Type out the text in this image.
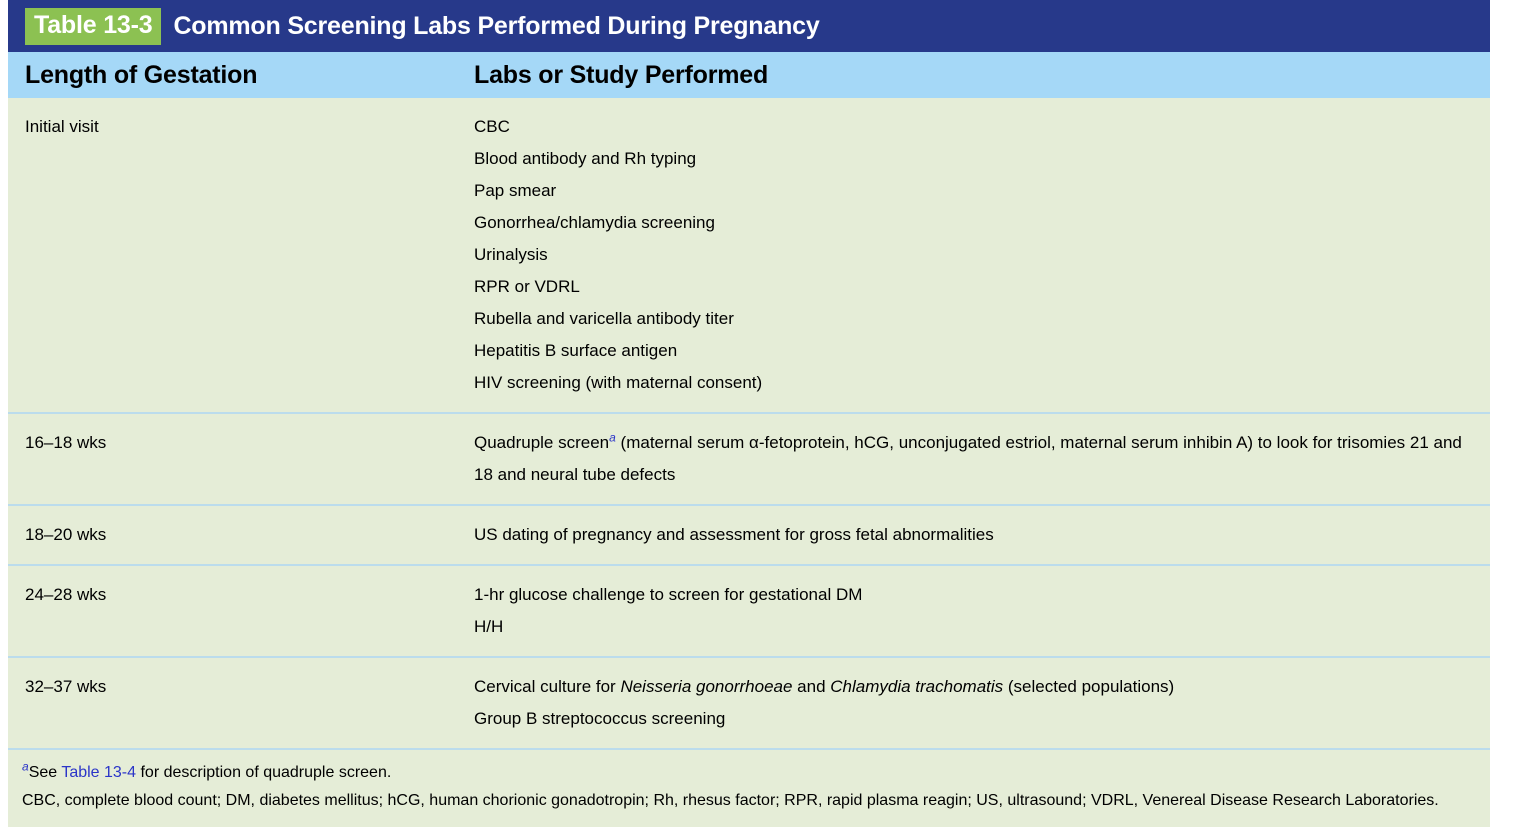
Table 13-3 Common Screening Labs Performed During Pregnancy
Length of Gestation	Labs or Study Performed
Initial visit	CBC
Blood antibody and Rh typing
Pap smear
Gonorrhea/chlamydia screening
Urinalysis
RPR or VDRL
Rubella and varicella antibody titer
Hepatitis B surface antigen
HIV screening (with maternal consent)
16–18 wks	Quadruple screen$^a$ (maternal serum α-fetoprotein, hCG, unconjugated estriol, maternal serum inhibin A) to look for trisomies 21 and 18 and neural tube defects
18–20 wks	US dating of pregnancy and assessment for gross fetal abnormalities
24–28 wks	1-hr glucose challenge to screen for gestational DM
H/H
32–37 wks	Cervical culture for Neisseria gonorrhoeae and Chlamydia trachomatis (selected populations)
Group B streptococcus screening

$^a$See Table 13-4 for description of quadruple screen.

CBC, complete blood count; DM, diabetes mellitus; hCG, human chorionic gonadotropin; Rh, rhesus factor; RPR, rapid plasma reagin; US, ultrasound; VDRL, Venereal Disease Research Laboratories.
